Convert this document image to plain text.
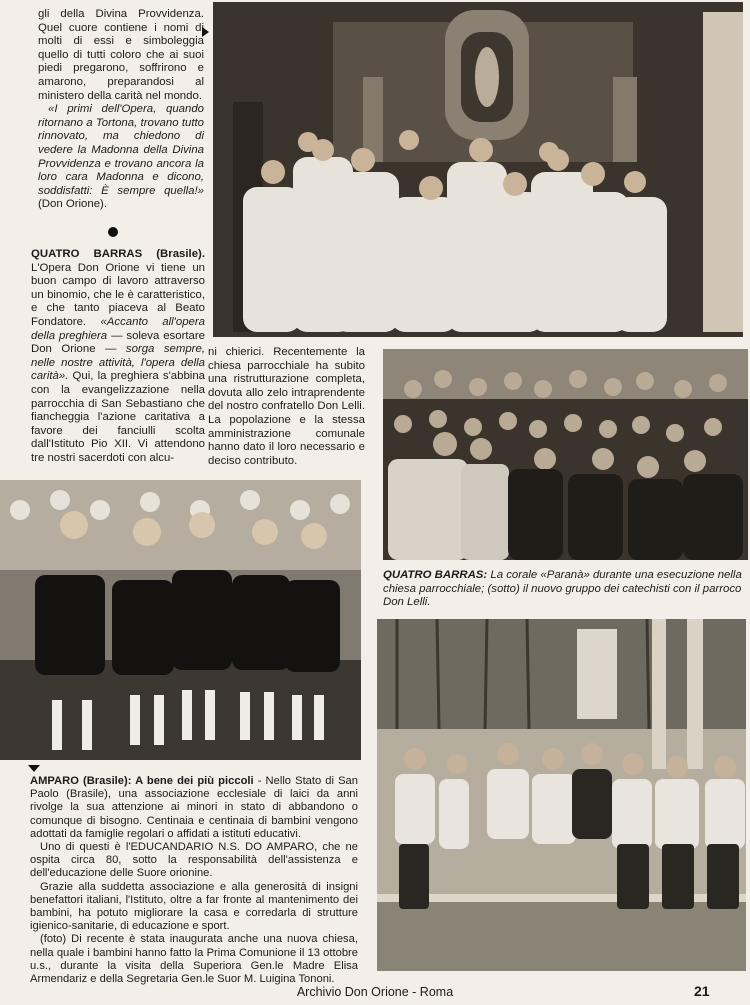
gli della Divina Provvidenza. Quel cuore contiene i nomi di molti di essi e simboleggia quello di tutti coloro che ai suoi piedi pregarono, soffrirono e amarono, preparandosi al ministero della carità nel mondo.

«I primi dell'Opera, quando ritornano a Tortona, trovano tutto rinnovato, ma chiedono di vedere la Madonna della Divina Provvidenza e trovano ancora la loro cara Madonna e dicono, soddisfatti: È sempre quella!» (Don Orione).

QUATRO BARRAS (Brasile). L'Opera Don Orione vi tiene un buon campo di lavoro attraverso un binomio, che le è caratteristico, e che tanto piaceva al Beato Fondatore. «Accanto all'opera della preghiera — soleva esortare Don Orione — sorga sempre, nelle nostre attività, l'opera della carità». Qui, la preghiera s'abbina con la evangelizzazione nella parrocchia di San Sebastiano che fiancheggia l'azione caritativa a favore dei fanciulli scolta dall'Istituto Pio XII. Vi attendono tre nostri sacerdoti con alcu-

ni chierici. Recentemente la chiesa parrocchiale ha subito una ristrutturazione completa, dovuta allo zelo intraprendente del nostro confratello Don Lelli. La popolazione e la stessa amministrazione comunale hanno dato il loro necessario e deciso contributo.

QUATRO BARRAS: La corale «Paranà» durante una esecuzione nella chiesa parrocchiale; (sotto) il nuovo gruppo dei catechisti con il parroco Don Lelli.

AMPARO (Brasile): A bene dei più piccoli - Nello Stato di San Paolo (Brasile), una associazione ecclesiale di laici da anni rivolge la sua attenzione ai minori in stato di abbandono o comunque di bisogno. Centinaia e centinaia di bambini vengono adottati da famiglie regolari o affidati a istituti educativi.

Uno di questi è l'EDUCANDARIO N.S. DO AMPARO, che ne ospita circa 80, sotto la responsabilità dell'assistenza e dell'educazione delle Suore orionine.

Grazie alla suddetta associazione e alla generosità di insigni benefattori italiani, l'Istituto, oltre a far fronte al mantenimento dei bambini, ha potuto migliorare la casa e corredarla di strutture igienico-sanitarie, di educazione e sport.

(foto) Di recente è stata inaugurata anche una nuova chiesa, nella quale i bambini hanno fatto la Prima Comunione il 13 ottobre u.s., durante la visita della Superiora Gen.le Madre Elisa Armendariz e della Segretaria Gen.le Suor M. Luigina Tononi.

Archivio Don Orione - Roma	21
